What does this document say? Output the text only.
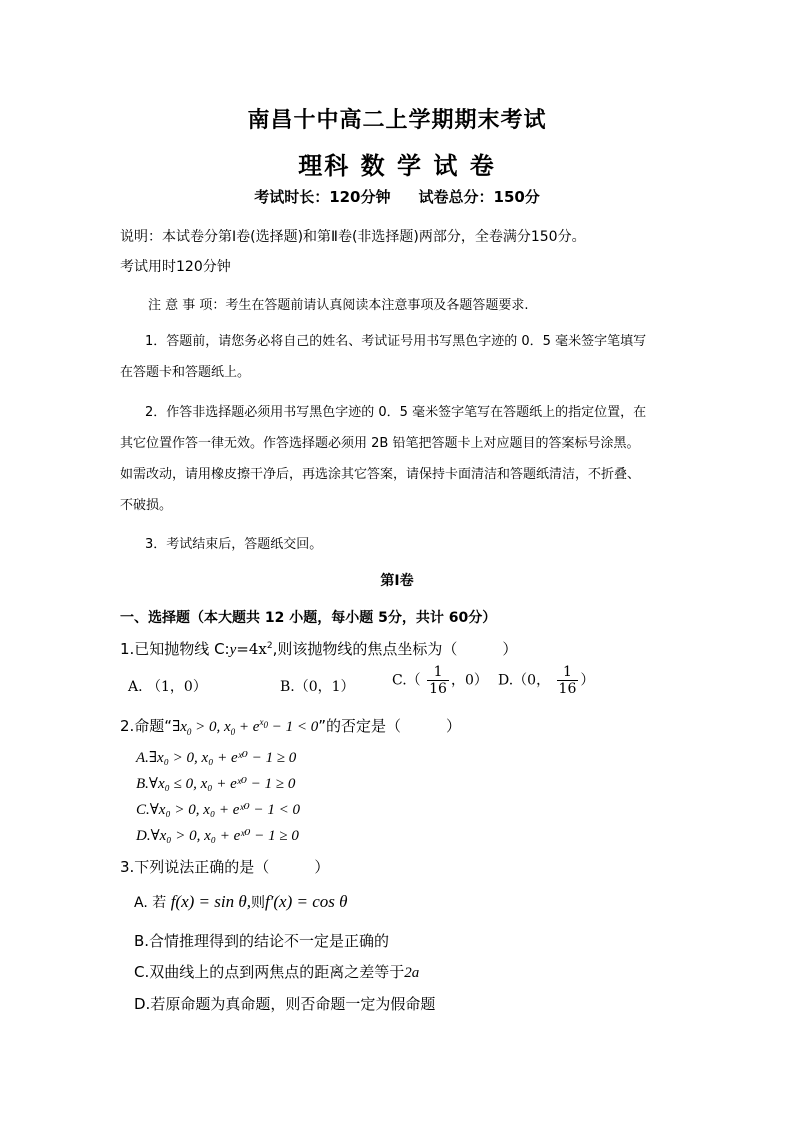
南昌十中高二上学期期末考试
理科 数 学 试 卷
考试时长：120分钟 试卷总分：150分
说明：本试卷分第Ⅰ卷(选择题)和第Ⅱ卷(非选择题)两部分，全卷满分150分。
考试用时120分钟
注 意 事 项：考生在答题前请认真阅读本注意事项及各题答题要求.
1．答题前，请您务必将自己的姓名、考试证号用书写黑色字迹的 0．5 毫米签字笔填写
在答题卡和答题纸上。
2．作答非选择题必须用书写黑色字迹的 0．5 毫米签字笔写在答题纸上的指定位置，在
其它位置作答一律无效。作答选择题必须用 2B 铅笔把答题卡上对应题目的答案标号涂黑。
如需改动，请用橡皮擦干净后，再选涂其它答案，请保持卡面清洁和答题纸清洁，不折叠、
不破损。
3．考试结束后，答题纸交回。
第Ⅰ卷
一、选择题（本大题共 12 小题，每小题 5分，共计 60分）
1.已知抛物线 $C:y=4x^2$,则该抛物线的焦点坐标为（　　　）
A. （1，0）	B.（0，1）	$C.( \frac{1}{16}$ ，0） D.（0， $\frac{1}{16}$ ）
2.命题“$\exists x_0 > 0$, $x_0 + e^{x_0} - 1 < 0$”的否定是（　　　）
A.∃x₀ > 0, x₀ + eˣ⁰ − 1 ≥ 0
B.∀x₀ ≤ 0, x₀ + eˣ⁰ − 1 ≥ 0
C.∀x₀ > 0, x₀ + eˣ⁰ − 1 < 0
D.∀x₀ > 0, x₀ + eˣ⁰ − 1 ≥ 0
3.下列说法正确的是（　　　）
A. 若 f(x) = sin θ,则f′(x) = cos θ
B.合情推理得到的结论不一定是正确的
C.双曲线上的点到两焦点的距离之差等于2a
D.若原命题为真命题，则否命题一定为假命题
